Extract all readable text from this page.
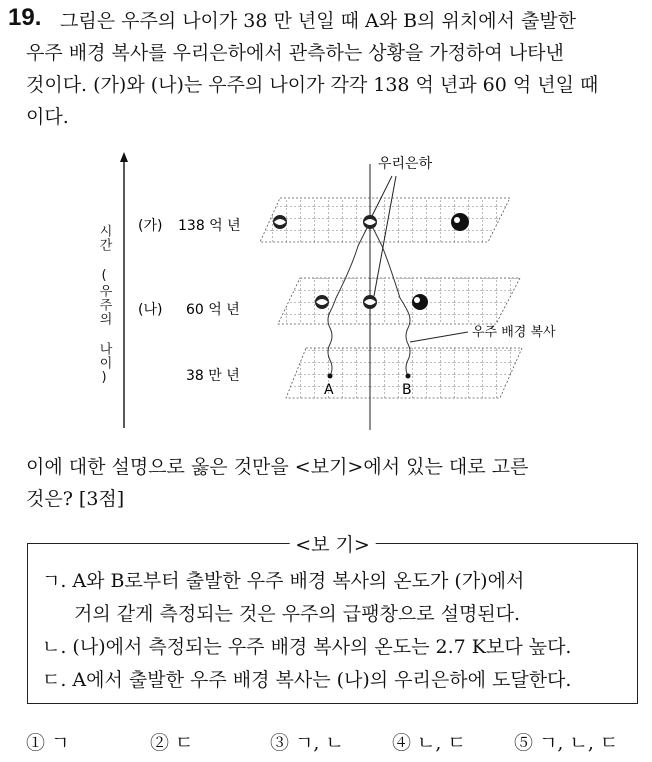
19. 그림은 우주의 나이가 38 만 년일 때 A와 B의 위치에서 출발한
우주 배경 복사를 우리은하에서 관측하는 상황을 가정하여 나타낸
것이다. (가)와 (나)는 우주의 나이가 각각 138 억 년과 60 억 년일 때
이다.
시간 (우주의 나이) (가) 138 억 년
(나) 60 억 년
38 만 년
우리은하
우주 배경 복사
A	B
이에 대한 설명으로 옳은 것만을 <보기>에서 있는 대로 고른
것은? [3점]
<보 기>
ㄱ. A와 B로부터 출발한 우주 배경 복사의 온도가 (가)에서
거의 같게 측정되는 것은 우주의 급팽창으로 설명된다.
ㄴ. (나)에서 측정되는 우주 배경 복사의 온도는 2.7 K보다 높다.
ㄷ. A에서 출발한 우주 배경 복사는 (나)의 우리은하에 도달한다.
① ㄱ	② ㄷ	③ ㄱ, ㄴ	④ ㄴ, ㄷ	⑤ ㄱ, ㄴ, ㄷ
